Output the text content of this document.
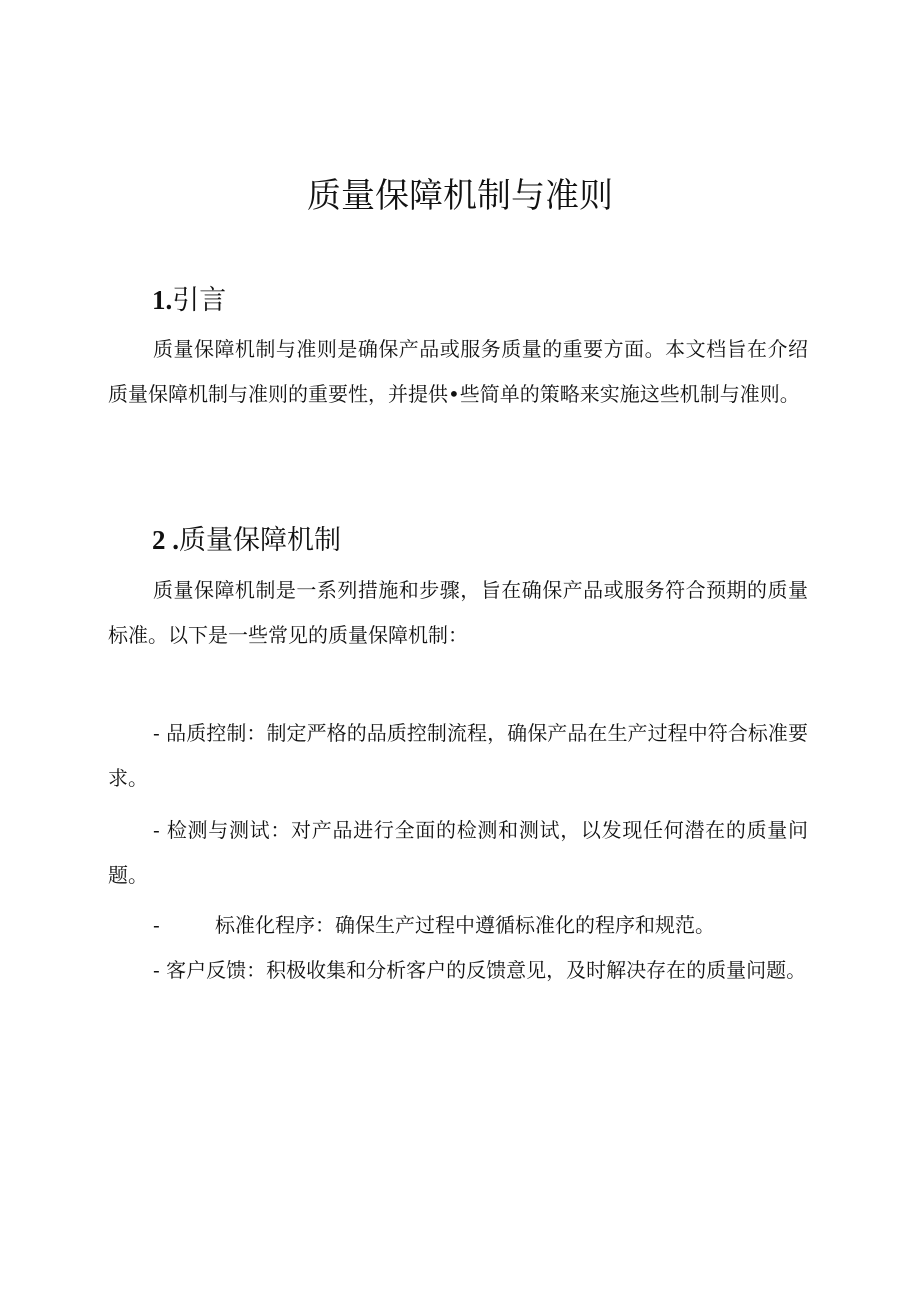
质量保障机制与准则
1.引言

质量保障机制与准则是确保产品或服务质量的重要方面。本文档旨在介绍质量保障机制与准则的重要性，并提供•些简单的策略来实施这些机制与准则。

2 .质量保障机制

质量保障机制是一系列措施和步骤，旨在确保产品或服务符合预期的质量标准。以下是一些常见的质量保障机制：

- 品质控制：制定严格的品质控制流程，确保产品在生产过程中符合标准要求。

- 检测与测试：对产品进行全面的检测和测试，以发现任何潜在的质量问题。

-	标准化程序：确保生产过程中遵循标准化的程序和规范。

- 客户反馈：积极收集和分析客户的反馈意见，及时解决存在的质量问题。
